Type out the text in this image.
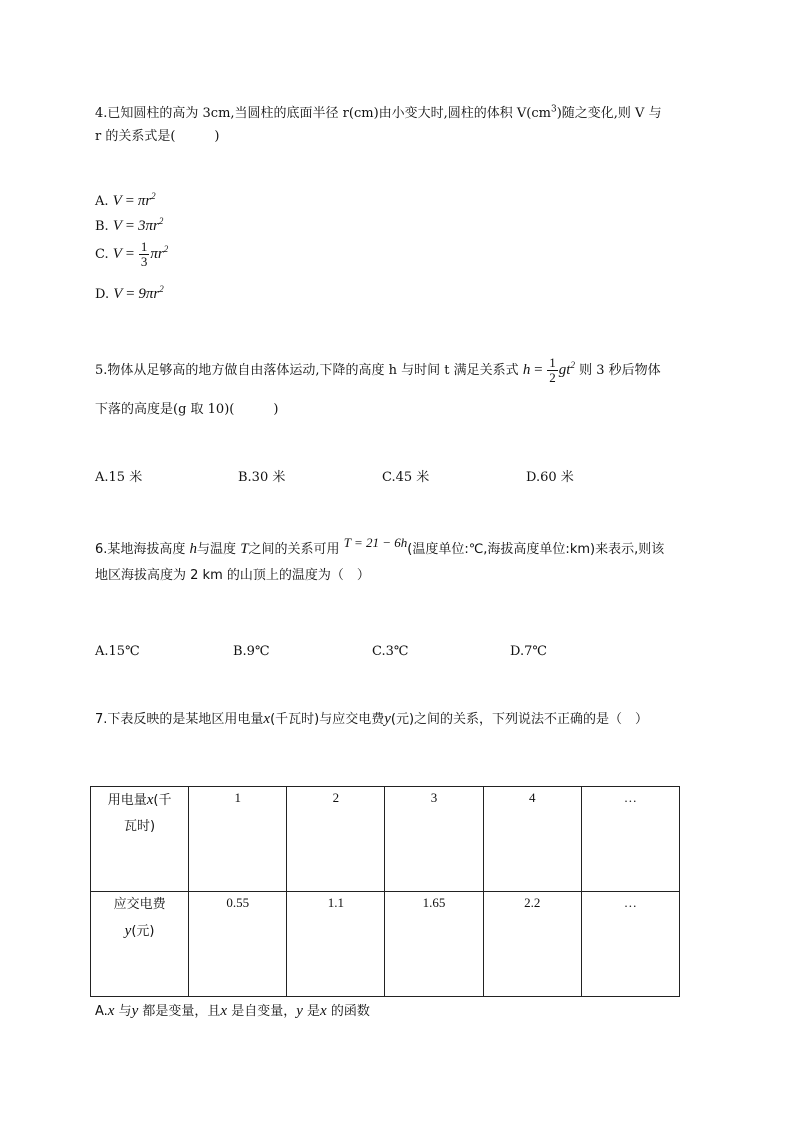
4.已知圆柱的高为 3cm,当圆柱的底面半径 r(cm)由小变大时,圆柱的体积 $V(cm^3)$随之变化,则 V 与
r 的关系式是(　　　)
A. $V = \pi r^2$
B. $V = 3\pi r^2$
C. $V = \frac{1}{3} \pi r^2$
D. $V = 9\pi r^2$
5.物体从足够高的地方做自由落体运动,下降的高度 h 与时间 t 满足关系式 $h = \frac{1}{2} gt^2$ 则 3 秒后物体
下落的高度是(g 取 10)(　　　)
A.15 米	B.30 米	C.45 米	D.60 米
6.某地海拔高度 h与温度 T之间的关系可用 T = 21 − 6h(温度单位:℃,海拔高度单位:km)来表示,则该
地区海拔高度为 2 km 的山顶上的温度为（　）
A.15℃	B.9℃	C.3℃	D.7℃
7.下表反映的是某地区用电量x(千瓦时)与应交电费y(元)之间的关系，下列说法不正确的是（　）
用电量x(千
瓦时)	1	2	3	4	…
应交电费
y(元)	0.55	1.1	1.65	2.2	…
A.x 与y 都是变量，且x 是自变量，y 是x 的函数
